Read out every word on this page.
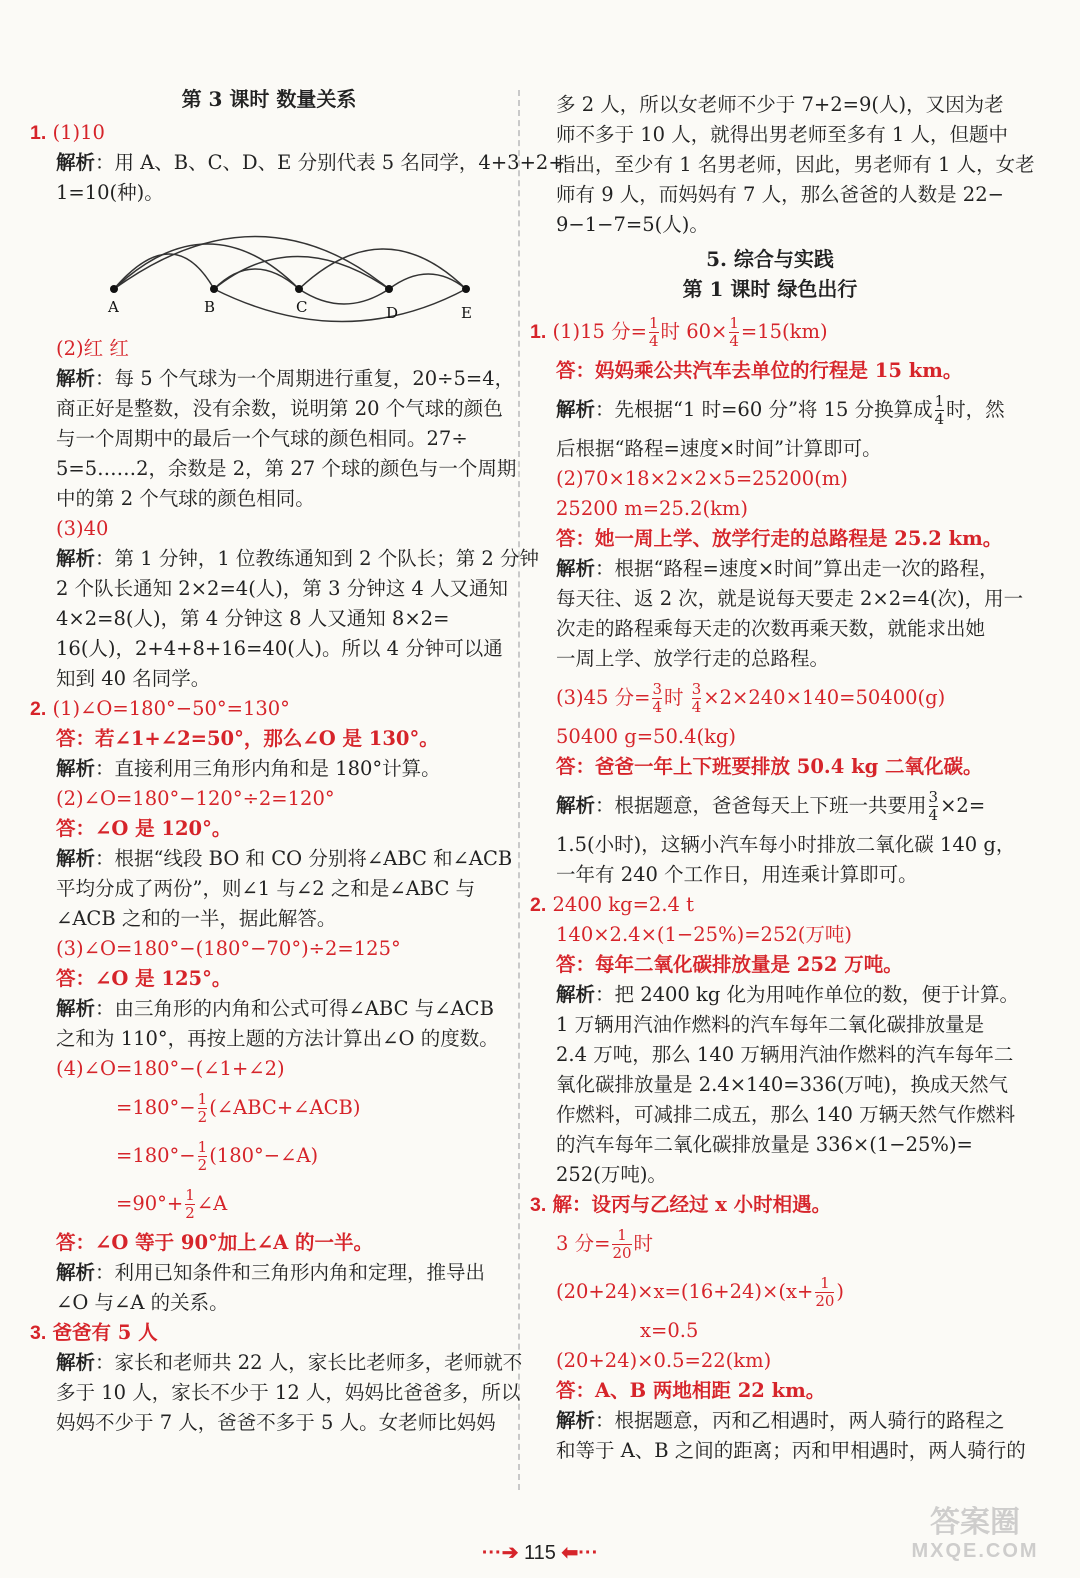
第 3 课时 数量关系
1. (1)10
解析：用 A、B、C、D、E 分别代表 5 名同学，4+3+2+
1=10(种)。
A	B	C	D	E
(2)红 红
解析：每 5 个气球为一个周期进行重复，20÷5=4，
商正好是整数，没有余数，说明第 20 个气球的颜色
与一个周期中的最后一个气球的颜色相同。27÷
5=5……2，余数是 2，第 27 个球的颜色与一个周期
中的第 2 个气球的颜色相同。
(3)40
解析：第 1 分钟，1 位教练通知到 2 个队长；第 2 分钟
2 个队长通知 2×2=4(人)，第 3 分钟这 4 人又通知
4×2=8(人)，第 4 分钟这 8 人又通知 8×2=
16(人)，2+4+8+16=40(人)。所以 4 分钟可以通
知到 40 名同学。
2. (1)∠O=180°−50°=130°
答：若∠1+∠2=50°，那么∠O 是 130°。
解析：直接利用三角形内角和是 180°计算。
(2)∠O=180°−120°÷2=120°
答：∠O 是 120°。
解析：根据“线段 BO 和 CO 分别将∠ABC 和∠ACB
平均分成了两份”，则∠1 与∠2 之和是∠ABC 与
∠ACB 之和的一半，据此解答。
(3)∠O=180°−(180°−70°)÷2=125°
答：∠O 是 125°。
解析：由三角形的内角和公式可得∠ABC 与∠ACB
之和为 110°，再按上题的方法计算出∠O 的度数。
(4)∠O=180°−(∠1+∠2)
$=180^\circ- \frac{1}{2}$ (∠ABC+∠ACB)
$=180^\circ- \frac{1}{2}$ (180°−∠A)
$=90^\circ+ \frac{1}{2}$ ∠A
答：∠O 等于 90°加上∠A 的一半。
解析：利用已知条件和三角形内角和定理，推导出
∠O 与∠A 的关系。
3. 爸爸有 5 人
解析：家长和老师共 22 人，家长比老师多，老师就不
多于 10 人，家长不少于 12 人，妈妈比爸爸多，所以
妈妈不少于 7 人，爸爸不多于 5 人。女老师比妈妈
多 2 人，所以女老师不少于 7+2=9(人)，又因为老
师不多于 10 人，就得出男老师至多有 1 人，但题中
指出，至少有 1 名男老师，因此，男老师有 1 人，女老
师有 9 人，而妈妈有 7 人，那么爸爸的人数是 22−
9−1−7=5(人)。
5. 综合与实践
第 1 课时 绿色出行
1. (1)15 分= $\frac{1}{4}$ 时 $60\times \frac{1}{4} =15(km)$
答：妈妈乘公共汽车去单位的行程是 15 km。
解析：先根据“1 时=60 分”将 15 分换算成 $\frac{1}{4}$ 时，然
后根据“路程=速度×时间”计算即可。
(2)70×18×2×2×5=25200(m)
25200 m=25.2(km)
答：她一周上学、放学行走的总路程是 25.2 km。
解析：根据“路程=速度×时间”算出走一次的路程，
每天往、返 2 次，就是说每天要走 2×2=4(次)，用一
次走的路程乘每天走的次数再乘天数，就能求出她
一周上学、放学行走的总路程。
(3)45 分= $\frac{3}{4}$ 时 $\frac{3}{4} \times 2\times 240\times 140=50400(g)$
50400 g=50.4(kg)
答：爸爸一年上下班要排放 50.4 kg 二氧化碳。
解析：根据题意，爸爸每天上下班一共要用 $\frac{3}{4} \times 2=$
1.5(小时)，这辆小汽车每小时排放二氧化碳 140 g，
一年有 240 个工作日，用连乘计算即可。
2. 2400 kg=2.4 t
140×2.4×(1−25%)=252(万吨)
答：每年二氧化碳排放量是 252 万吨。
解析：把 2400 kg 化为用吨作单位的数，便于计算。
1 万辆用汽油作燃料的汽车每年二氧化碳排放量是
2.4 万吨，那么 140 万辆用汽油作燃料的汽车每年二
氧化碳排放量是 2.4×140=336(万吨)，换成天然气
作燃料，可减排二成五，那么 140 万辆天然气作燃料
的汽车每年二氧化碳排放量是 336×(1−25%)=
252(万吨)。
3. 解：设丙与乙经过 x 小时相遇。
3 分= $\frac{1}{20}$ 时
$(20+24)\times x=(16+24)\times(x+ \frac{1}{20}$ )
x=0.5
(20+24)×0.5=22(km)
答：A、B 两地相距 22 km。
解析：根据题意，丙和乙相遇时，两人骑行的路程之
和等于 A、B 之间的距离；丙和甲相遇时，两人骑行的
···➔ 115 ⬅···
答案圈
MXQE.COM
